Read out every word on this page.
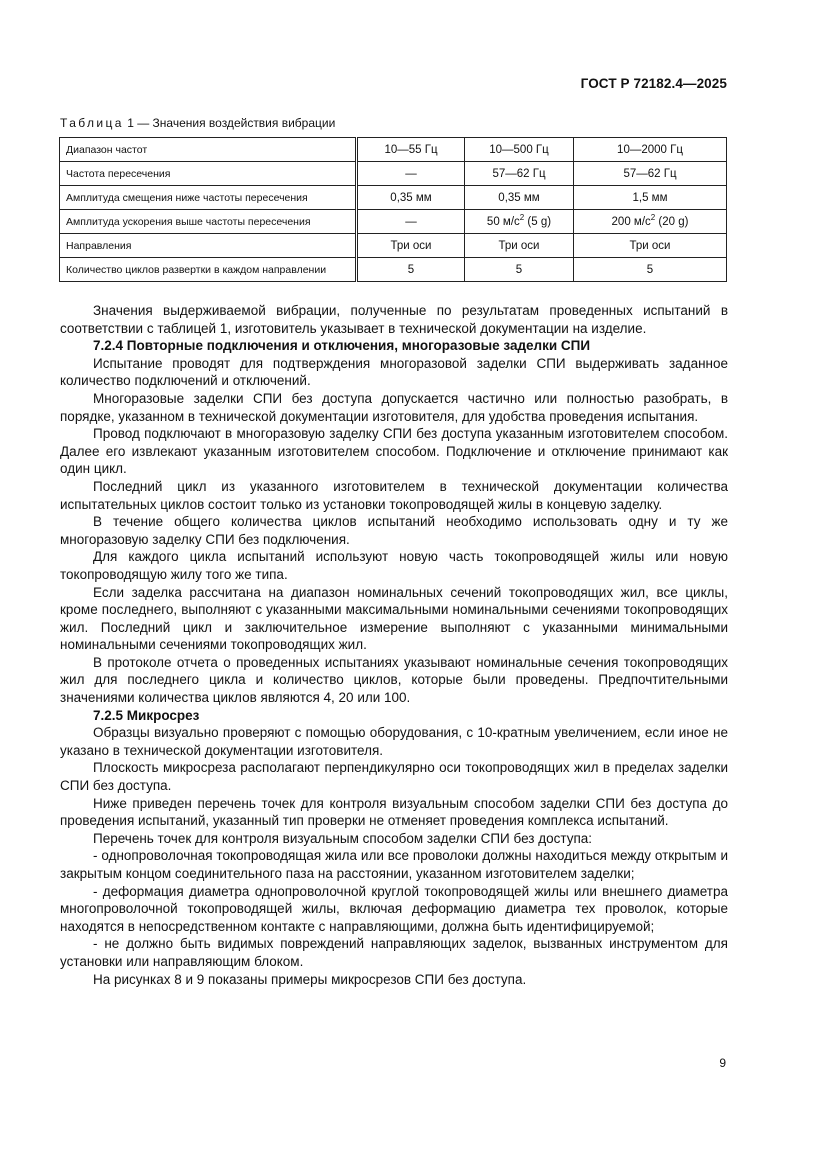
ГОСТ Р 72182.4—2025
Таблица 1 — Значения воздействия вибрации
Диапазон частот	10—55 Гц	10—500 Гц	10—2000 Гц
Частота пересечения	—	57—62 Гц	57—62 Гц
Амплитуда смещения ниже частоты пересечения	0,35 мм	0,35 мм	1,5 мм
Амплитуда ускорения выше частоты пересечения	—	50 $м/с^2$ (5 g)	200 $м/с^2$ (20 g)
Направления	Три оси	Три оси	Три оси
Количество циклов развертки в каждом направлении	5	5	5

Значения выдерживаемой вибрации, полученные по результатам проведенных испытаний в соответствии с таблицей 1, изготовитель указывает в технической документации на изделие.

7.2.4 Повторные подключения и отключения, многоразовые заделки СПИ

Испытание проводят для подтверждения многоразовой заделки СПИ выдерживать заданное количество подключений и отключений.

Многоразовые заделки СПИ без доступа допускается частично или полностью разобрать, в порядке, указанном в технической документации изготовителя, для удобства проведения испытания.

Провод подключают в многоразовую заделку СПИ без доступа указанным изготовителем способом. Далее его извлекают указанным изготовителем способом. Подключение и отключение принимают как один цикл.

Последний цикл из указанного изготовителем в технической документации количества испытательных циклов состоит только из установки токопроводящей жилы в концевую заделку.

В течение общего количества циклов испытаний необходимо использовать одну и ту же многоразовую заделку СПИ без подключения.

Для каждого цикла испытаний используют новую часть токопроводящей жилы или новую токопроводящую жилу того же типа.

Если заделка рассчитана на диапазон номинальных сечений токопроводящих жил, все циклы, кроме последнего, выполняют с указанными максимальными номинальными сечениями токопроводящих жил. Последний цикл и заключительное измерение выполняют с указанными минимальными номинальными сечениями токопроводящих жил.

В протоколе отчета о проведенных испытаниях указывают номинальные сечения токопроводящих жил для последнего цикла и количество циклов, которые были проведены. Предпочтительными значениями количества циклов являются 4, 20 или 100.

7.2.5 Микросрез

Образцы визуально проверяют с помощью оборудования, с 10-кратным увеличением, если иное не указано в технической документации изготовителя.

Плоскость микросреза располагают перпендикулярно оси токопроводящих жил в пределах заделки СПИ без доступа.

Ниже приведен перечень точек для контроля визуальным способом заделки СПИ без доступа до проведения испытаний, указанный тип проверки не отменяет проведения комплекса испытаний.

Перечень точек для контроля визуальным способом заделки СПИ без доступа:

- однопроволочная токопроводящая жила или все проволоки должны находиться между открытым и закрытым концом соединительного паза на расстоянии, указанном изготовителем заделки;

- деформация диаметра однопроволочной круглой токопроводящей жилы или внешнего диаметра многопроволочной токопроводящей жилы, включая деформацию диаметра тех проволок, которые находятся в непосредственном контакте с направляющими, должна быть идентифицируемой;

- не должно быть видимых повреждений направляющих заделок, вызванных инструментом для установки или направляющим блоком.

На рисунках 8 и 9 показаны примеры микросрезов СПИ без доступа.

9
